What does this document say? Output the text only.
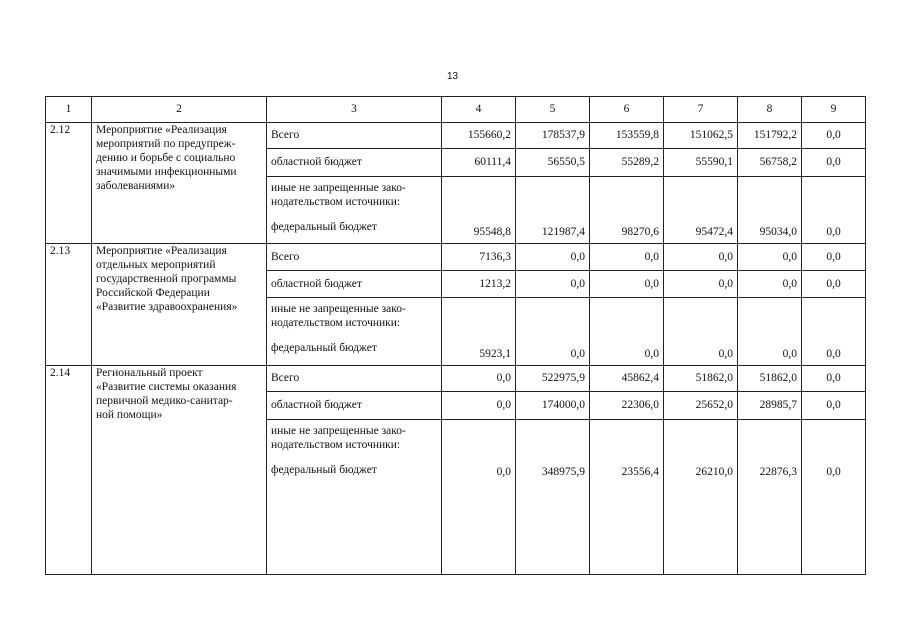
13
1	2	3	4	5	6	7	8	9
2.12	Мероприятие «Реализация
мероприятий по предупреж-
дению и борьбе с социально
значимыми инфекционными
заболеваниями»	Всего	155660,2	178537,9	153559,8	151062,5	151792,2	0,0
		областной бюджет	60111,4	56550,5	55289,2	55590,1	56758,2	0,0

		иные не запрещенные зако-
нодательством источники:
федеральный бюджет	95548,8	121987,4	98270,6	95472,4	95034,0	0,0
2.13	Мероприятие «Реализация
отдельных мероприятий
государственной программы
Российской Федерации
«Развитие здравоохранения»	Всего	7136,3	0,0	0,0	0,0	0,0	0,0
		областной бюджет	1213,2	0,0	0,0	0,0	0,0	0,0

		иные не запрещенные зако-
нодательством источники:
федеральный бюджет	5923,1	0,0	0,0	0,0	0,0	0,0
2.14	Региональный проект
«Развитие системы оказания
первичной медико-санитар-
ной помощи»	Всего	0,0	522975,9	45862,4	51862,0	51862,0	0,0
		областной бюджет	0,0	174000,0	22306,0	25652,0	28985,7	0,0

		иные не запрещенные зако-
нодательством источники:
федеральный бюджет	0,0	348975,9	23556,4	26210,0	22876,3	0,0
